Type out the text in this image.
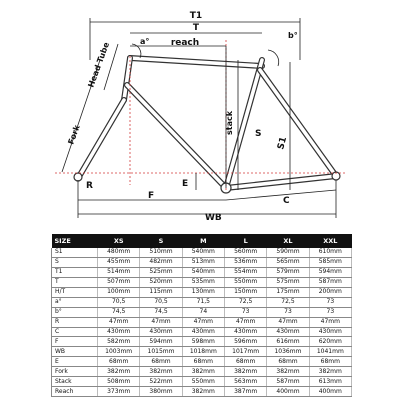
T1
T
reach
a°
b°
Head Tube
Fork	stack S
S1
E
R
F	C
WB
SIZE	XS	S	M	L	XL	XXL
S1	480mm	510mm	540mm	560mm	590mm	610mm
S	455mm	482mm	513mm	536mm	565mm	585mm
T1	514mm	525mm	540mm	554mm	579mm	594mm
T	507mm	520mm	535mm	550mm	575mm	587mm
H/T	100mm	115mm	130mm	150mm	175mm	200mm
a°	70,5	70,5	71,5	72,5	72,5	73
b°	74,5	74,5	74	73	73	73
R	47mm	47mm	47mm	47mm	47mm	47mm
C	430mm	430mm	430mm	430mm	430mm	430mm
F	582mm	594mm	598mm	596mm	616mm	620mm
WB	1003mm	1015mm	1018mm	1017mm	1036mm	1041mm
E	68mm	68mm	68mm	68mm	68mm	68mm
Fork	382mm	382mm	382mm	382mm	382mm	382mm
Stack	508mm	522mm	550mm	563mm	587mm	613mm
Reach	373mm	380mm	382mm	387mm	400mm	400mm
